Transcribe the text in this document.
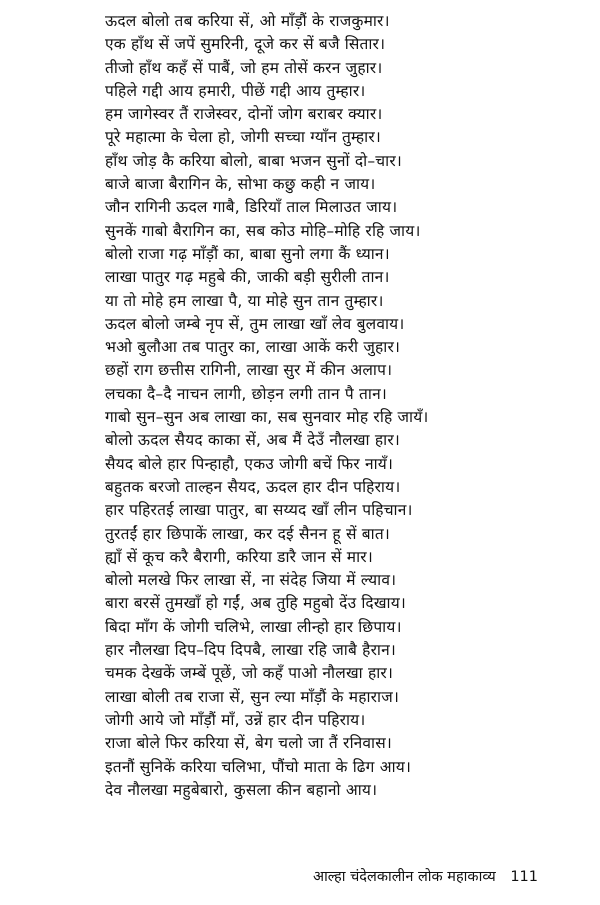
ऊदल बोलो तब करिया सें, ओ मॉंड़ौं के राजकुमार।
एक हॉंथ सें जपें सुमरिनी, दूजे कर सें बजै सितार।
तीजो हॉंथ कहँ सें पाबैं, जो हम तोसें करन जुहार।
पहिले गद्दी आय हमारी, पीछें गद्दी आय तुम्हार।
हम जागेस्वर तैं राजेस्वर, दोनों जोग बराबर क्यार।
पूरे महात्मा के चेला हो, जोगी सच्चा ग्यॉंन तुम्हार।
हॉंथ जोड़ कै करिया बोलो, बाबा भजन सुनों दो–चार।
बाजे बाजा बैरागिन के, सोभा कछु कही न जाय।
जौन रागिनी ऊदल गाबै, डिरियॉं ताल मिलाउत जाय।
सुनकें गाबो बैरागिन का, सब कोउ मोहि–मोहि रहि जाय।
बोलो राजा गढ़ मॉंड़ौं का, बाबा सुनो लगा कैं ध्यान।
लाखा पातुर गढ़ महुबे की, जाकी बड़ी सुरीली तान।
या तो मोहे हम लाखा पै, या मोहे सुन तान तुम्हार।
ऊदल बोलो जम्बे नृप सें, तुम लाखा खॉं लेव बुलवाय।
भओ बुलौआ तब पातुर का, लाखा आकें करी जुहार।
छहों राग छत्तीस रागिनी, लाखा सुर में कीन अलाप।
लचका दै–दै नाचन लागी, छोड़न लगी तान पै तान।
गाबो सुन–सुन अब लाखा का, सब सुनवार मोह रहि जायँ।
बोलो ऊदल सैयद काका सें, अब मैं देउँ नौलखा हार।
सैयद बोले हार पिन्हाहौ, एकउ जोगी बचें फिर नायँ।
बहुतक बरजो ताल्हन सैयद, ऊदल हार दीन पहिराय।
हार पहिरतई लाखा पातुर, बा सय्यद खॉं लीन पहिचान।
तुरतईं हार छिपाकें लाखा, कर दई सैनन हू सें बात।
ह्यॉं सें कूच करै बैरागी, करिया डारै जान सें मार।
बोलो मलखे फिर लाखा सें, ना संदेह जिया में ल्याव।
बारा बरसें तुमखॉं हो गईं, अब तुहि महुबो देंउ दिखाय।
बिदा मॉंग कें जोगी चलिभे, लाखा लीन्हो हार छिपाय।
हार नौलखा दिप–दिप दिपबै, लाखा रहि जाबै हैरान।
चमक देखकें जम्बें पूछें, जो कहँ पाओ नौलखा हार।
लाखा बोली तब राजा सें, सुन ल्या मॉंड़ौं के महाराज।
जोगी आये जो मॉंड़ौं मॉं, उन्नें हार दीन पहिराय।
राजा बोले फिर करिया सें, बेग चलो जा तैं रनिवास।
इतनौं सुनिकें करिया चलिभा, पौंचो माता के ढिग आय।
देव नौलखा महुबेबारो, कुसला कीन बहानो आय।
आल्हा चंदेलकालीन लोक महाकाव्य 111
